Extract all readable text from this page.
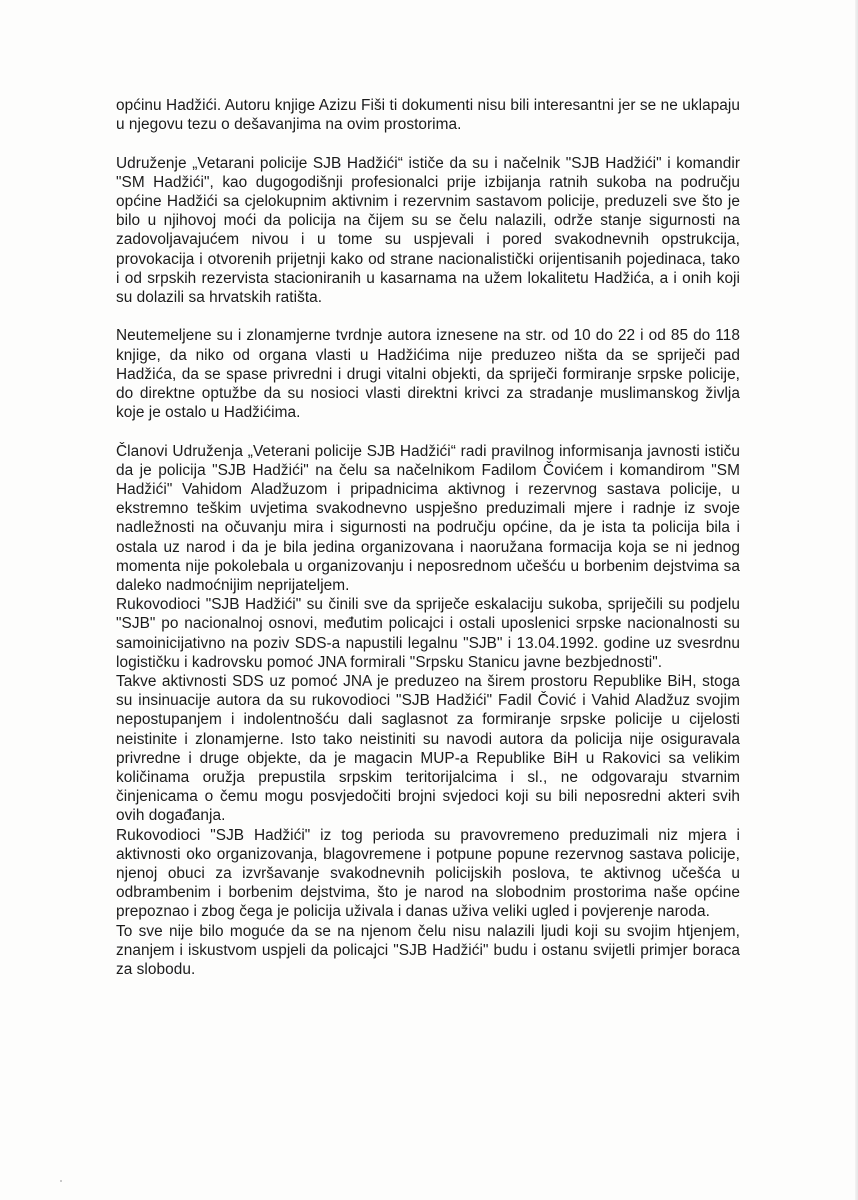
općinu Hadžići. Autoru knjige Azizu Fiši ti dokumenti nisu bili interesantni jer se ne uklapaju u njegovu tezu o dešavanjima na ovim prostorima.

Udruženje „Vetarani policije SJB Hadžići“ ističe da su i načelnik "SJB Hadžići" i komandir "SM Hadžići", kao dugogodišnji profesionalci prije izbijanja ratnih sukoba na području općine Hadžići sa cjelokupnim aktivnim i rezervnim sastavom policije, preduzeli sve što je bilo u njihovoj moći da policija na čijem su se čelu nalazili, održe stanje sigurnosti na zadovoljavajućem nivou i u tome su uspjevali i pored svakodnevnih opstrukcija, provokacija i otvorenih prijetnji kako od strane nacionalistički orijentisanih pojedinaca, tako i od srpskih rezervista stacioniranih u kasarnama na užem lokalitetu Hadžića, a i onih koji su dolazili sa hrvatskih ratišta.

Neutemeljene su i zlonamjerne tvrdnje autora iznesene na str. od 10 do 22 i od 85 do 118 knjige, da niko od organa vlasti u Hadžićima nije preduzeo ništa da se spriječi pad Hadžića, da se spase privredni i drugi vitalni objekti, da spriječi formiranje srpske policije, do direktne optužbe da su nosioci vlasti direktni krivci za stradanje muslimanskog življa koje je ostalo u Hadžićima.

Članovi Udruženja „Veterani policije SJB Hadžići“ radi pravilnog informisanja javnosti ističu da je policija "SJB Hadžići" na čelu sa načelnikom Fadilom Čovićem i komandirom "SM Hadžići" Vahidom Aladžuzom i pripadnicima aktivnog i rezervnog sastava policije, u ekstremno teškim uvjetima svakodnevno uspješno preduzimali mjere i radnje iz svoje nadležnosti na očuvanju mira i sigurnosti na području općine, da je ista ta policija bila i ostala uz narod i da je bila jedina organizovana i naoružana formacija koja se ni jednog momenta nije pokolebala u organizovanju i neposrednom učešću u borbenim dejstvima sa daleko nadmoćnijim neprijateljem.

Rukovodioci "SJB Hadžići" su činili sve da spriječe eskalaciju sukoba, spriječili su podjelu "SJB" po nacionalnoj osnovi, međutim policajci i ostali uposlenici srpske nacionalnosti su samoinicijativno na poziv SDS-a napustili legalnu "SJB" i 13.04.1992. godine uz svesrdnu logističku i kadrovsku pomoć JNA formirali "Srpsku Stanicu javne bezbjednosti".

Takve aktivnosti SDS uz pomoć JNA je preduzeo na širem prostoru Republike BiH, stoga su insinuacije autora da su rukovodioci "SJB Hadžići" Fadil Čović i Vahid Aladžuz svojim nepostupanjem i indolentnošću dali saglasnot za formiranje srpske policije u cijelosti neistinite i zlonamjerne. Isto tako neistiniti su navodi autora da policija nije osiguravala privredne i druge objekte, da je magacin MUP-a Republike BiH u Rakovici sa velikim količinama oružja prepustila srpskim teritorijalcima i sl., ne odgovaraju stvarnim činjenicama o čemu mogu posvjedočiti brojni svjedoci koji su bili neposredni akteri svih ovih događanja.

Rukovodioci "SJB Hadžići" iz tog perioda su pravovremeno preduzimali niz mjera i aktivnosti oko organizovanja, blagovremene i potpune popune rezervnog sastava policije, njenoj obuci za izvršavanje svakodnevnih policijskih poslova, te aktivnog učešća u odbrambenim i borbenim dejstvima, što je narod na slobodnim prostorima naše općine prepoznao i zbog čega je policija uživala i danas uživa veliki ugled i povjerenje naroda.

To sve nije bilo moguće da se na njenom čelu nisu nalazili ljudi koji su svojim htjenjem, znanjem i iskustvom uspjeli da policajci "SJB Hadžići" budu i ostanu svijetli primjer boraca za slobodu.
